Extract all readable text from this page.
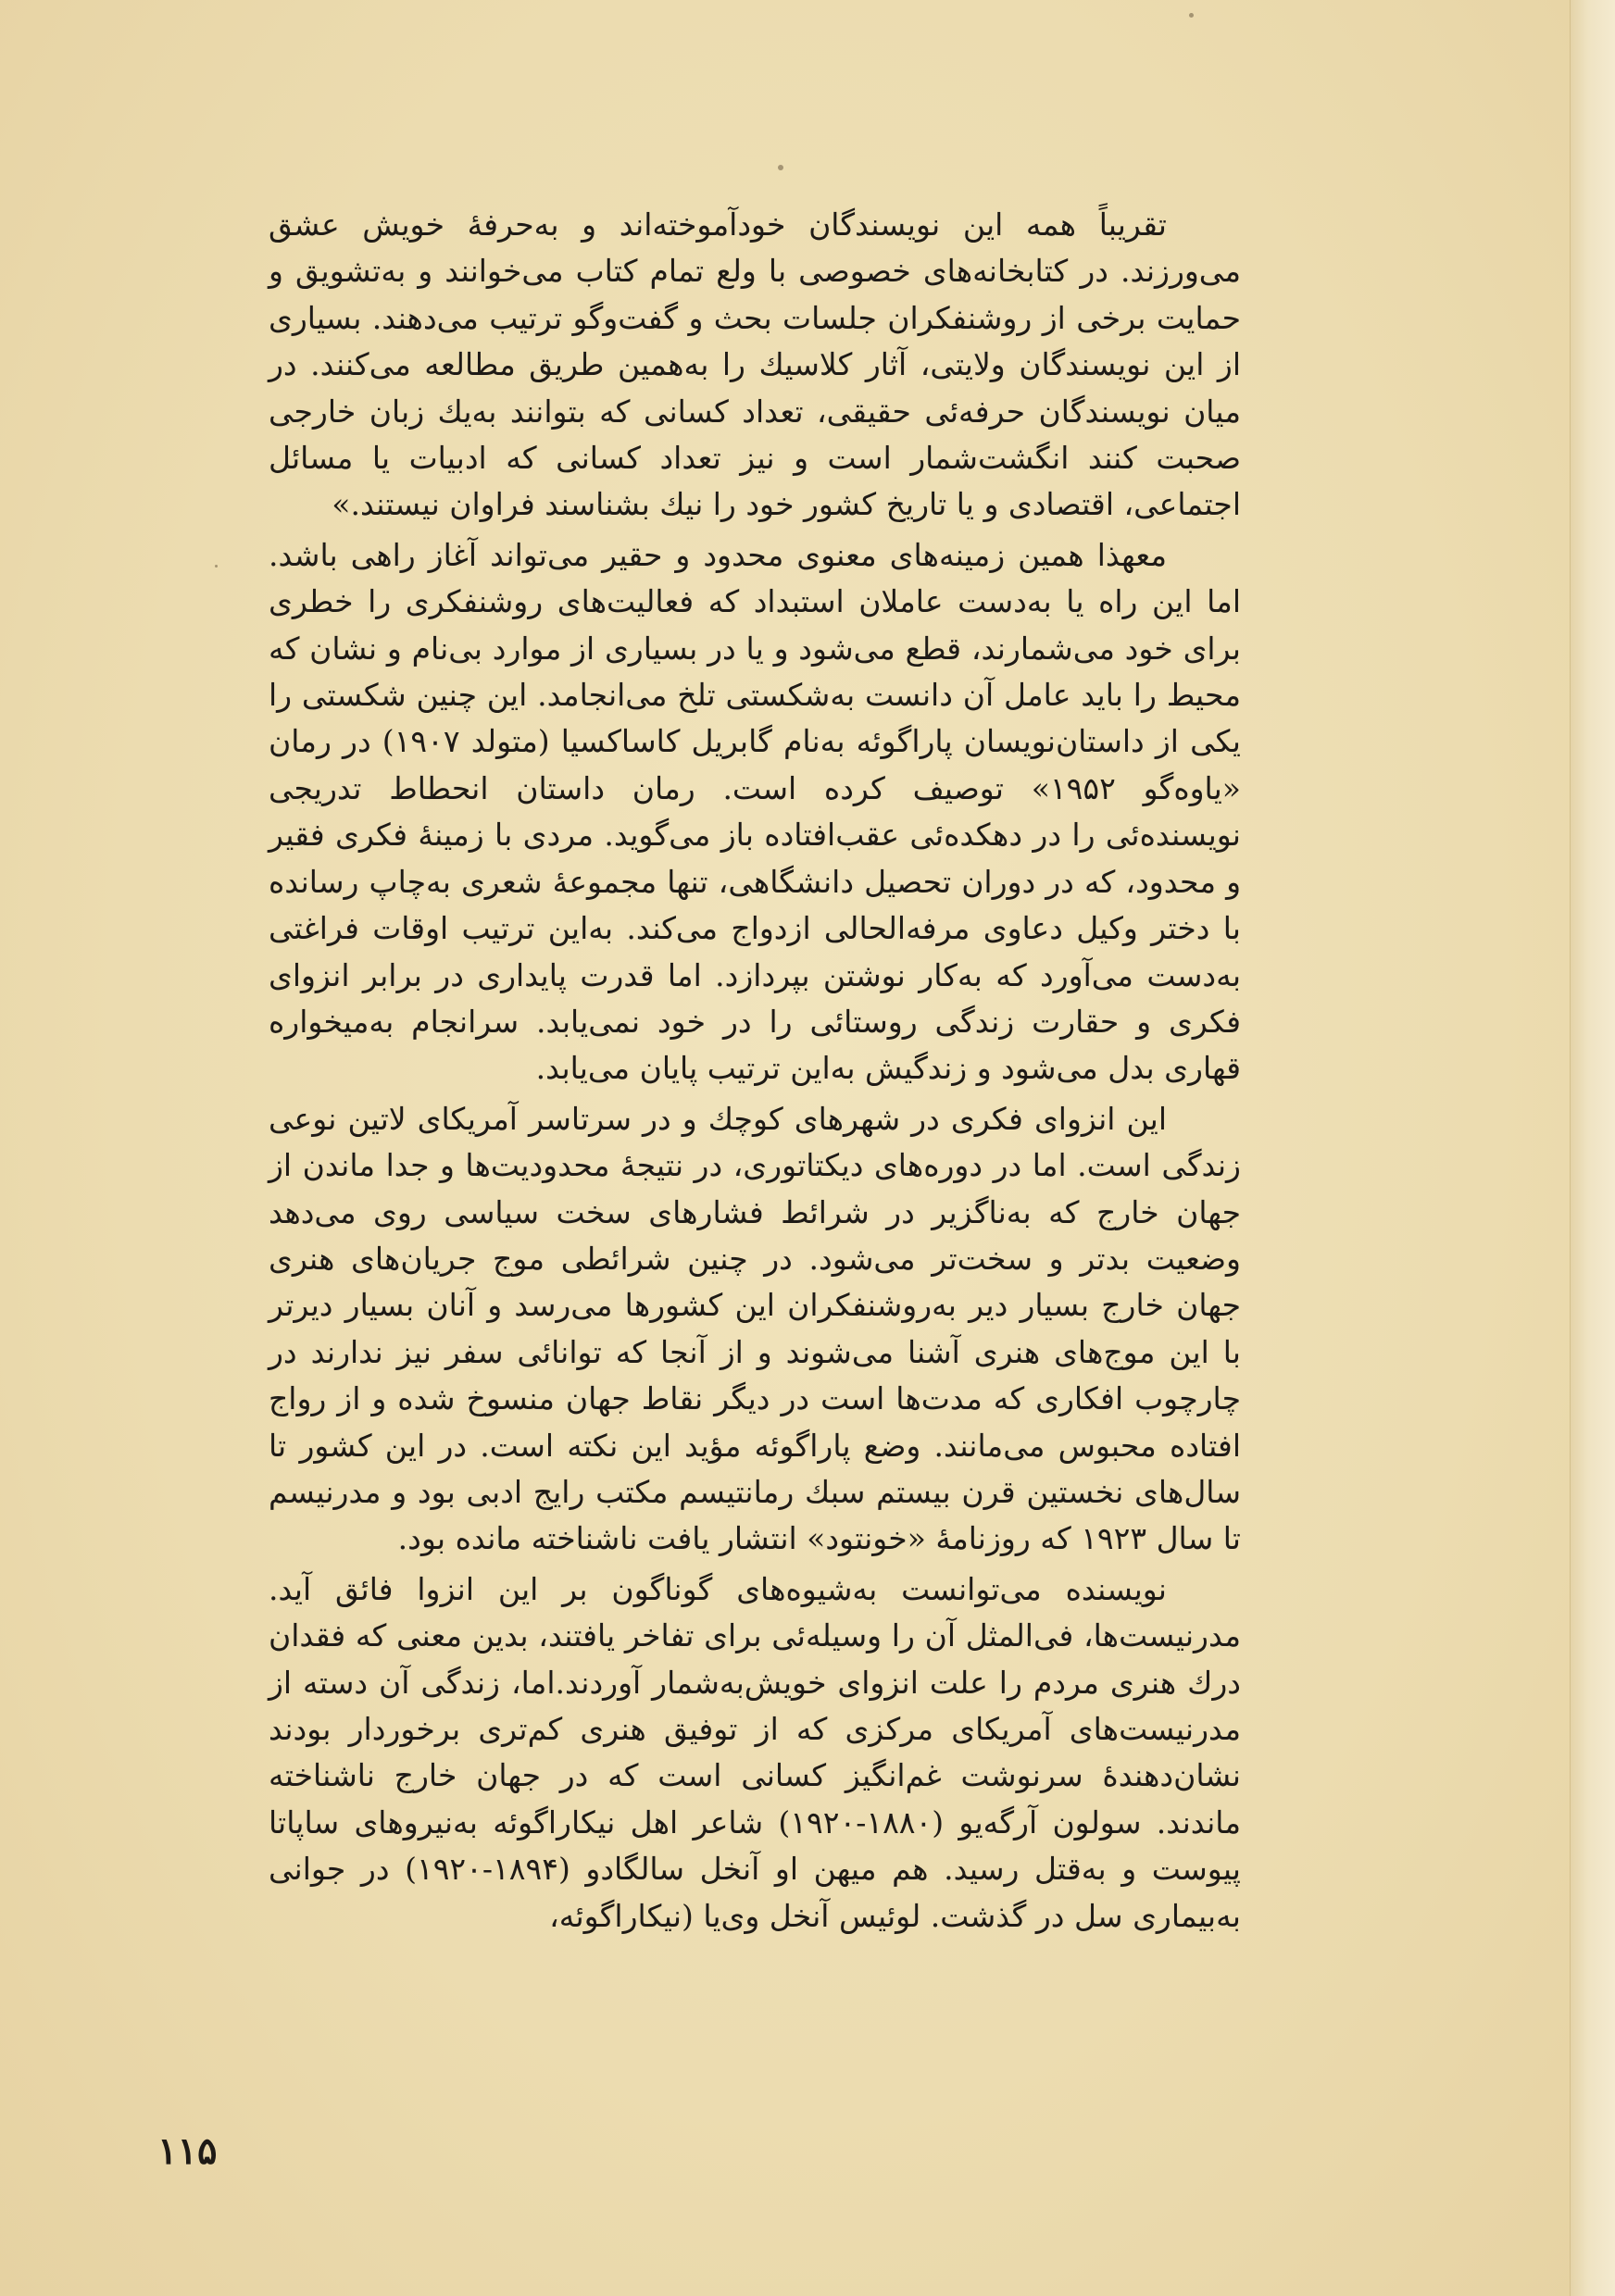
تقریباً همه این نویسندگان خودآموخته‌اند و به‌حرفهٔ خویش عشق می‌ورزند. در کتابخانه‌های خصوصی با ولع تمام کتاب می‌خوانند و به‌تشویق و حمایت برخی از روشنفکران جلسات بحث و گفت‌وگو ترتیب می‌دهند. بسیاری از این نویسندگان ولایتی، آثار کلاسیك را به‌همین طریق مطالعه می‌کنند. در میان نویسندگان حرفه‌ئی حقیقی، تعداد کسانی که بتوانند به‌یك زبان خارجی صحبت کنند انگشت‌شمار است و نیز تعداد کسانی که ادبیات یا مسائل اجتماعی، اقتصادی و یا تاریخ کشور خود را نیك بشناسند فراوان نیستند.»

معهذا همین زمینه‌های معنوی محدود و حقیر می‌تواند آغاز راهی باشد. اما این راه یا به‌دست عاملان استبداد که فعالیت‌های روشنفکری را خطری برای خود می‌شمارند، قطع می‌شود و یا در بسیاری از موارد بی‌نام و نشان که محیط را باید عامل آن دانست به‌شکستی تلخ می‌انجامد. این چنین شکستی را یکی از داستان‌نویسان پاراگوئه به‌نام گابریل کاساکسیا (متولد ۱۹۰۷) در رمان «یاوه‌گو ۱۹۵۲» توصیف کرده است. رمان داستان انحطاط تدریجی نویسنده‌ئی را در دهکده‌ئی عقب‌افتاده باز می‌گوید. مردی با زمینهٔ فکری فقیر و محدود، که در دوران تحصیل دانشگاهی، تنها مجموعهٔ شعری به‌چاپ رسانده با دختر وکیل دعاوی مرفه‌الحالی ازدواج می‌کند. به‌این ترتیب اوقات فراغتی به‌دست می‌آورد که به‌کار نوشتن بپردازد. اما قدرت پایداری در برابر انزوای فکری و حقارت زندگی روستائی را در خود نمی‌یابد. سرانجام به‌میخواره قهاری بدل می‌شود و زندگیش به‌این ترتیب پایان می‌یابد.

این انزوای فکری در شهرهای کوچك و در سرتاسر آمریکای لاتین نوعی زندگی است. اما در دوره‌های دیکتاتوری، در نتیجهٔ محدودیت‌ها و جدا ماندن از جهان خارج که به‌ناگزیر در شرائط فشارهای سخت سیاسی روی می‌دهد وضعیت بدتر و سخت‌تر می‌شود. در چنین شرائطی موج جریان‌های هنری جهان خارج بسیار دیر به‌روشنفکران این کشورها می‌رسد و آنان بسیار دیرتر با این موج‌های هنری آشنا می‌شوند و از آنجا که توانائی سفر نیز ندارند در چارچوب افکاری که مدت‌ها است در دیگر نقاط جهان منسوخ شده و از رواج افتاده محبوس می‌مانند. وضع پاراگوئه مؤید این نکته است. در این کشور تا سال‌های نخستین قرن بیستم سبك رمانتیسم مکتب رایج ادبی بود و مدرنیسم تا سال ۱۹۲۳ که روزنامهٔ «خونتود» انتشار یافت ناشناخته مانده بود.

نویسنده می‌توانست به‌شیوه‌های گوناگون بر این انزوا فائق آید. مدرنیست‌ها، فی‌المثل آن را وسیله‌ئی برای تفاخر یافتند، بدین معنی که فقدان درك هنری مردم را علت انزوای خویش‌به‌شمار آوردند.اما، زندگی آن دسته از مدرنیست‌های آمریکای مرکزی که از توفیق هنری کم‌تری برخوردار بودند نشان‌دهندهٔ سرنوشت غم‌انگیز کسانی است که در جهان خارج ناشناخته ماندند. سولون آرگه‌یو (۱۸۸۰-۱۹۲۰) شاعر اهل نیکاراگوئه به‌نیروهای ساپاتا پیوست و به‌قتل رسید. هم میهن او آنخل سالگادو (۱۸۹۴-۱۹۲۰) در جوانی به‌بیماری سل در گذشت. لوئیس آنخل وی‌یا (نیکاراگوئه،

۱۱۵
